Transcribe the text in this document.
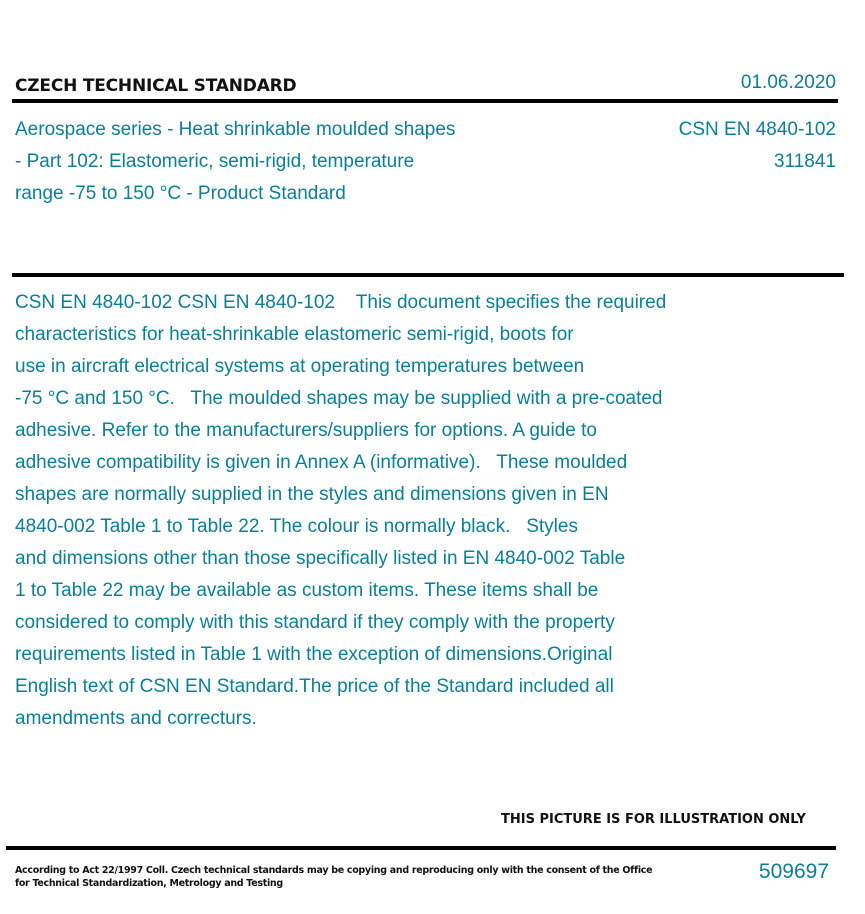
CZECH TECHNICAL STANDARD	01.06.2020
Aerospace series - Heat shrinkable moulded shapes
- Part 102: Elastomeric, semi-rigid, temperature
range -75 to 150 °C - Product Standard
CSN EN 4840-102
311841
CSN EN 4840-102 CSN EN 4840-102    This document specifies the required
characteristics for heat-shrinkable elastomeric semi-rigid, boots for
use in aircraft electrical systems at operating temperatures between
-75 °C and 150 °C.   The moulded shapes may be supplied with a pre-coated
adhesive. Refer to the manufacturers/suppliers for options. A guide to
adhesive compatibility is given in Annex A (informative).   These moulded
shapes are normally supplied in the styles and dimensions given in EN
4840-002 Table 1 to Table 22. The colour is normally black.   Styles
and dimensions other than those specifically listed in EN 4840-002 Table
1 to Table 22 may be available as custom items. These items shall be
considered to comply with this standard if they comply with the property
requirements listed in Table 1 with the exception of dimensions.Original
English text of CSN EN Standard.The price of the Standard included all
amendments and correcturs.
THIS PICTURE IS FOR ILLUSTRATION ONLY
According to Act 22/1997 Coll. Czech technical standards may be copying and reproducing only with the consent of the Office
for Technical Standardization, Metrology and Testing
509697
